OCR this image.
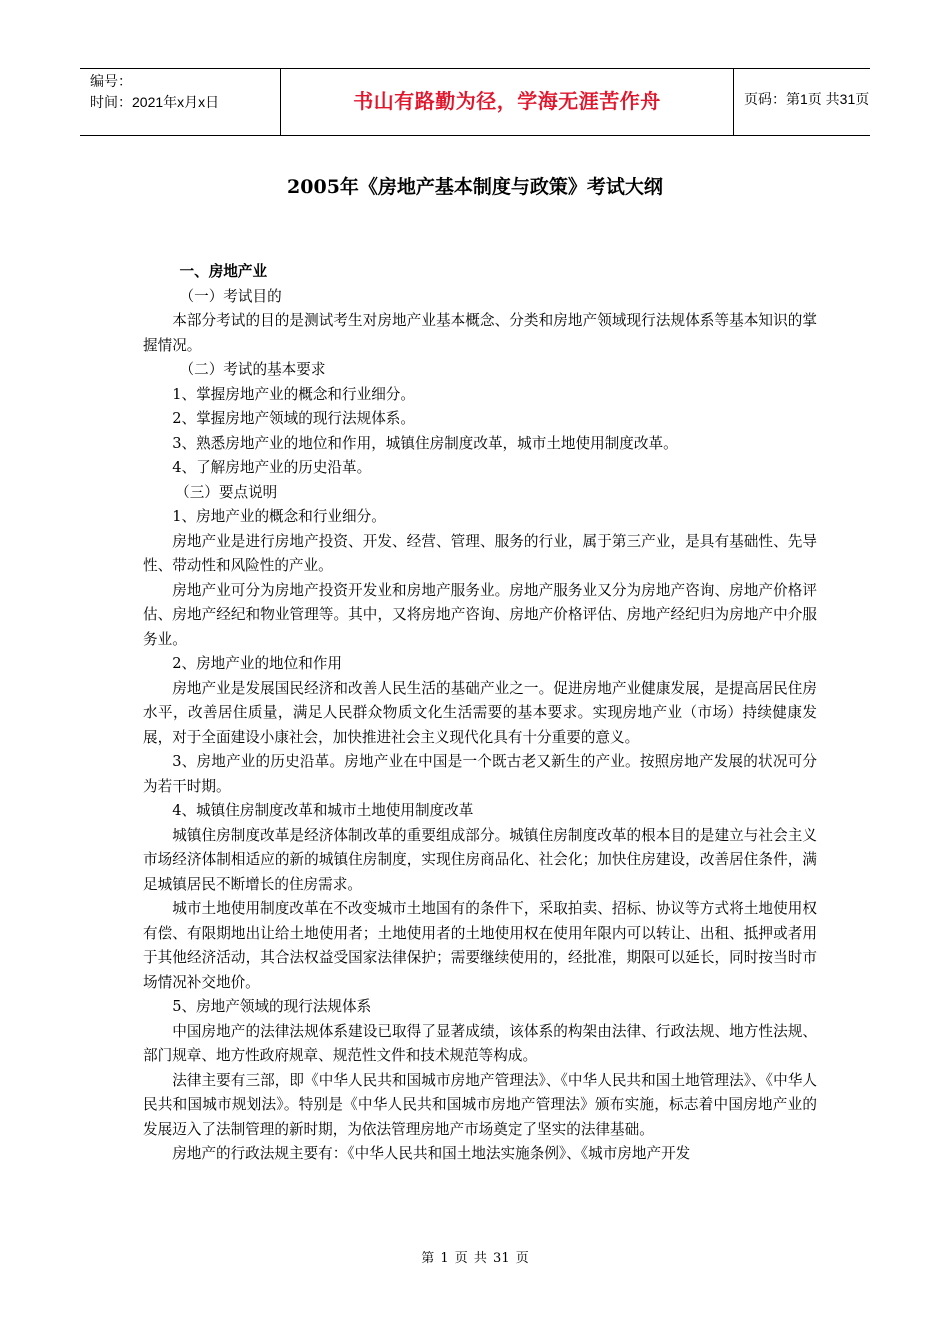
编号：
时间：2021年x月x日	书山有路勤为径，学海无涯苦作舟	页码：第1页 共31页
2005年《房地产基本制度与政策》考试大纲

一、房地产业

（一）考试目的

本部分考试的目的是测试考生对房地产业基本概念、分类和房地产领域现行法规体系等基本知识的掌握情况。

（二）考试的基本要求

1、掌握房地产业的概念和行业细分。

2、掌握房地产领域的现行法规体系。

3、熟悉房地产业的地位和作用，城镇住房制度改革，城市土地使用制度改革。

4、了解房地产业的历史沿革。

（三）要点说明

1、房地产业的概念和行业细分。

房地产业是进行房地产投资、开发、经营、管理、服务的行业，属于第三产业，是具有基础性、先导性、带动性和风险性的产业。

房地产业可分为房地产投资开发业和房地产服务业。房地产服务业又分为房地产咨询、房地产价格评估、房地产经纪和物业管理等。其中，又将房地产咨询、房地产价格评估、房地产经纪归为房地产中介服务业。

2、房地产业的地位和作用

房地产业是发展国民经济和改善人民生活的基础产业之一。促进房地产业健康发展，是提高居民住房水平，改善居住质量，满足人民群众物质文化生活需要的基本要求。实现房地产业（市场）持续健康发展，对于全面建设小康社会，加快推进社会主义现代化具有十分重要的意义。

3、房地产业的历史沿革。房地产业在中国是一个既古老又新生的产业。按照房地产发展的状况可分为若干时期。

4、城镇住房制度改革和城市土地使用制度改革

城镇住房制度改革是经济体制改革的重要组成部分。城镇住房制度改革的根本目的是建立与社会主义市场经济体制相适应的新的城镇住房制度，实现住房商品化、社会化；加快住房建设，改善居住条件，满足城镇居民不断增长的住房需求。

城市土地使用制度改革在不改变城市土地国有的条件下，采取拍卖、招标、协议等方式将土地使用权有偿、有限期地出让给土地使用者；土地使用者的土地使用权在使用年限内可以转让、出租、抵押或者用于其他经济活动，其合法权益受国家法律保护；需要继续使用的，经批准，期限可以延长，同时按当时市场情况补交地价。

5、房地产领域的现行法规体系

中国房地产的法律法规体系建设已取得了显著成绩，该体系的构架由法律、行政法规、地方性法规、部门规章、地方性政府规章、规范性文件和技术规范等构成。

法律主要有三部，即《中华人民共和国城市房地产管理法》、《中华人民共和国土地管理法》、《中华人民共和国城市规划法》。特别是《中华人民共和国城市房地产管理法》颁布实施，标志着中国房地产业的发展迈入了法制管理的新时期，为依法管理房地产市场奠定了坚实的法律基础。

房地产的行政法规主要有：《中华人民共和国土地法实施条例》、《城市房地产开发

第 1 页 共 31 页
